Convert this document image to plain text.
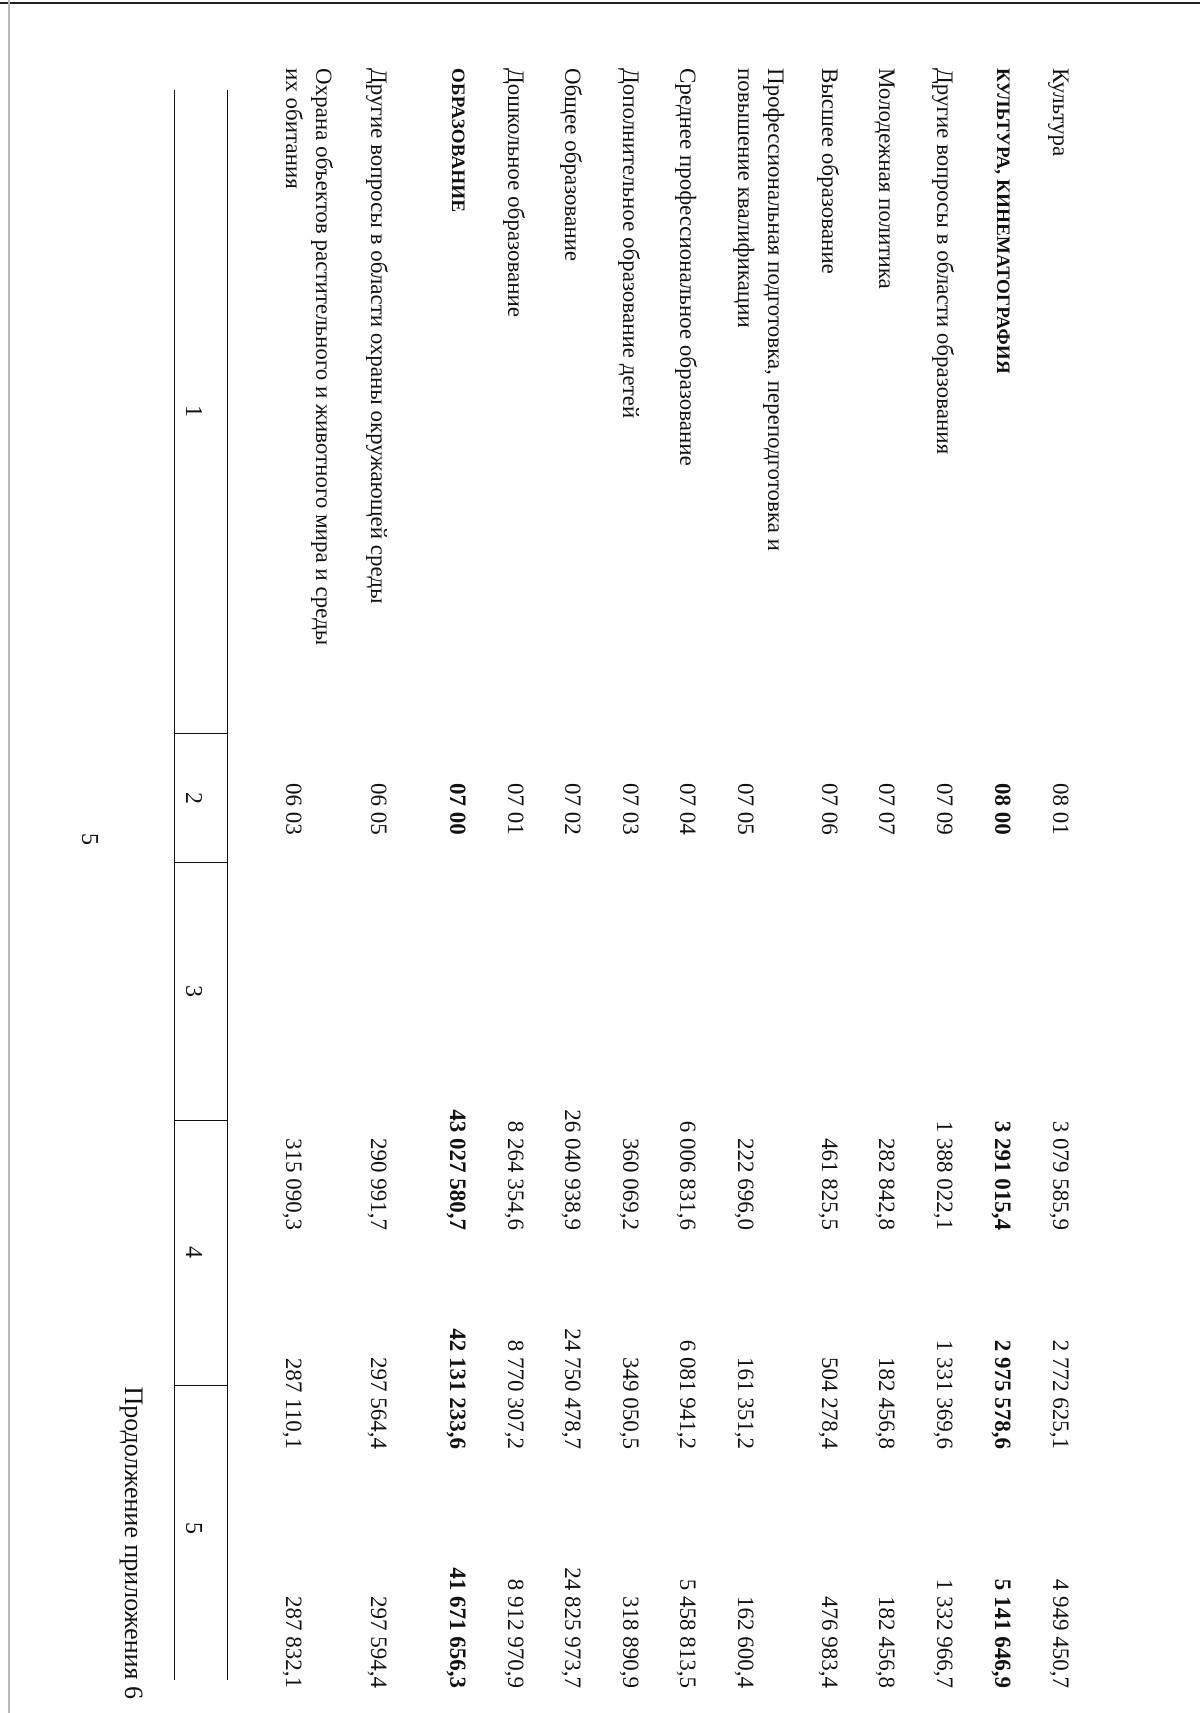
5
Продолжение приложения 6
1
2
3
4
5
Охрана объектов растительного и животного мира и среды их обитания
06 03
315 090,3
287 110,1
287 832,1
Другие вопросы в области охраны окружающей среды
06 05
290 991,7
297 564,4
297 594,4
ОБРАЗОВАНИЕ
07 00
43 027 580,7
42 131 233,6
41 671 656,3
Дошкольное образование
07 01
8 264 354,6
8 770 307,2
8 912 970,9
Общее образование
07 02
26 040 938,9
24 750 478,7
24 825 973,7
Дополнительное образование детей
07 03
360 069,2
349 050,5
318 890,9
Среднее профессиональное образование
07 04
6 006 831,6
6 081 941,2
5 458 813,5
Профессиональная подготовка, переподготовка и повышение квалификации
07 05
222 696,0
161 351,2
162 600,4
Высшее образование
07 06
461 825,5
504 278,4
476 983,4
Молодежная политика
07 07
282 842,8
182 456,8
182 456,8
Другие вопросы в области образования
07 09
1 388 022,1
1 331 369,6
1 332 966,7
КУЛЬТУРА, КИНЕМАТОГРАФИЯ
08 00
3 291 015,4
2 975 578,6
5 141 646,9
Культура
08 01
3 079 585,9
2 772 625,1
4 949 450,7
